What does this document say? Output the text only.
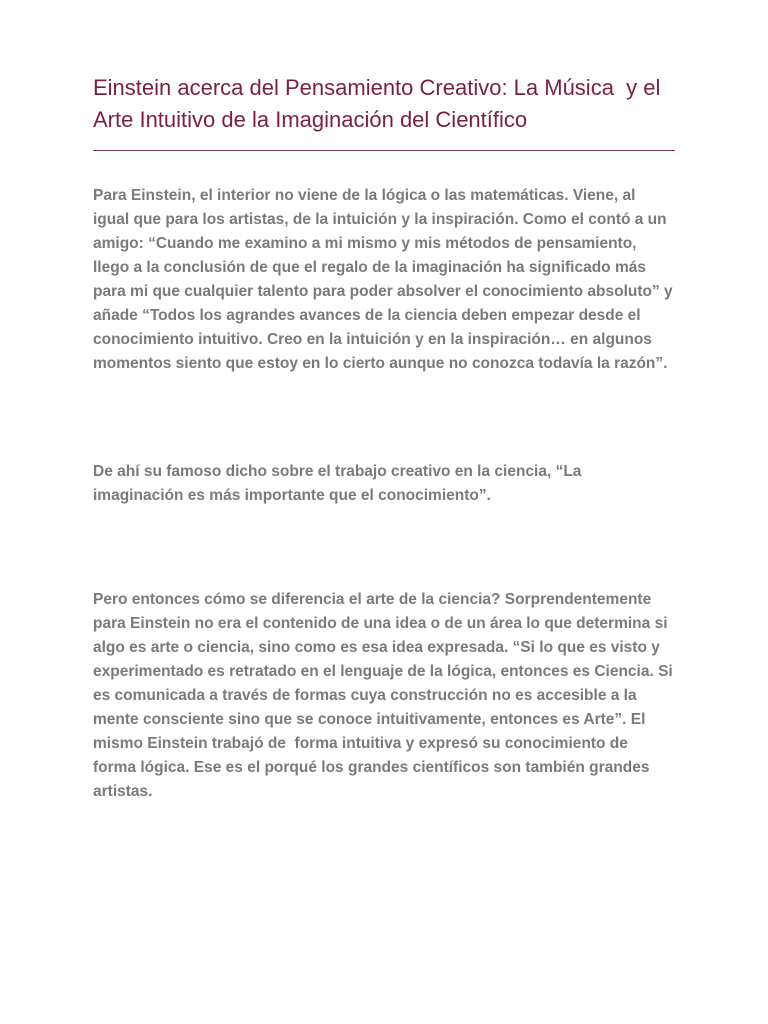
Einstein acerca del Pensamiento Creativo: La Música  y el Arte Intuitivo de la Imaginación del Científico

Para Einstein, el interior no viene de la lógica o las matemáticas. Viene, al igual que para los artistas, de la intuición y la inspiración. Como el contó a un amigo: “Cuando me examino a mi mismo y mis métodos de pensamiento, llego a la conclusión de que el regalo de la imaginación ha significado más para mi que cualquier talento para poder absolver el conocimiento absoluto” y añade “Todos los agrandes avances de la ciencia deben empezar desde el conocimiento intuitivo. Creo en la intuición y en la inspiración… en algunos momentos siento que estoy en lo cierto aunque no conozca todavía la razón”.

De ahí su famoso dicho sobre el trabajo creativo en la ciencia, “La imaginación es más importante que el conocimiento”.

Pero entonces cómo se diferencia el arte de la ciencia? Sorprendentemente para Einstein no era el contenido de una idea o de un área lo que determina si algo es arte o ciencia, sino como es esa idea expresada. “Si lo que es visto y experimentado es retratado en el lenguaje de la lógica, entonces es Ciencia. Si es comunicada a través de formas cuya construcción no es accesible a la mente consciente sino que se conoce intuitivamente, entonces es Arte”. El mismo Einstein trabajó de  forma intuitiva y expresó su conocimiento de forma lógica. Ese es el porqué los grandes científicos son también grandes artistas.
